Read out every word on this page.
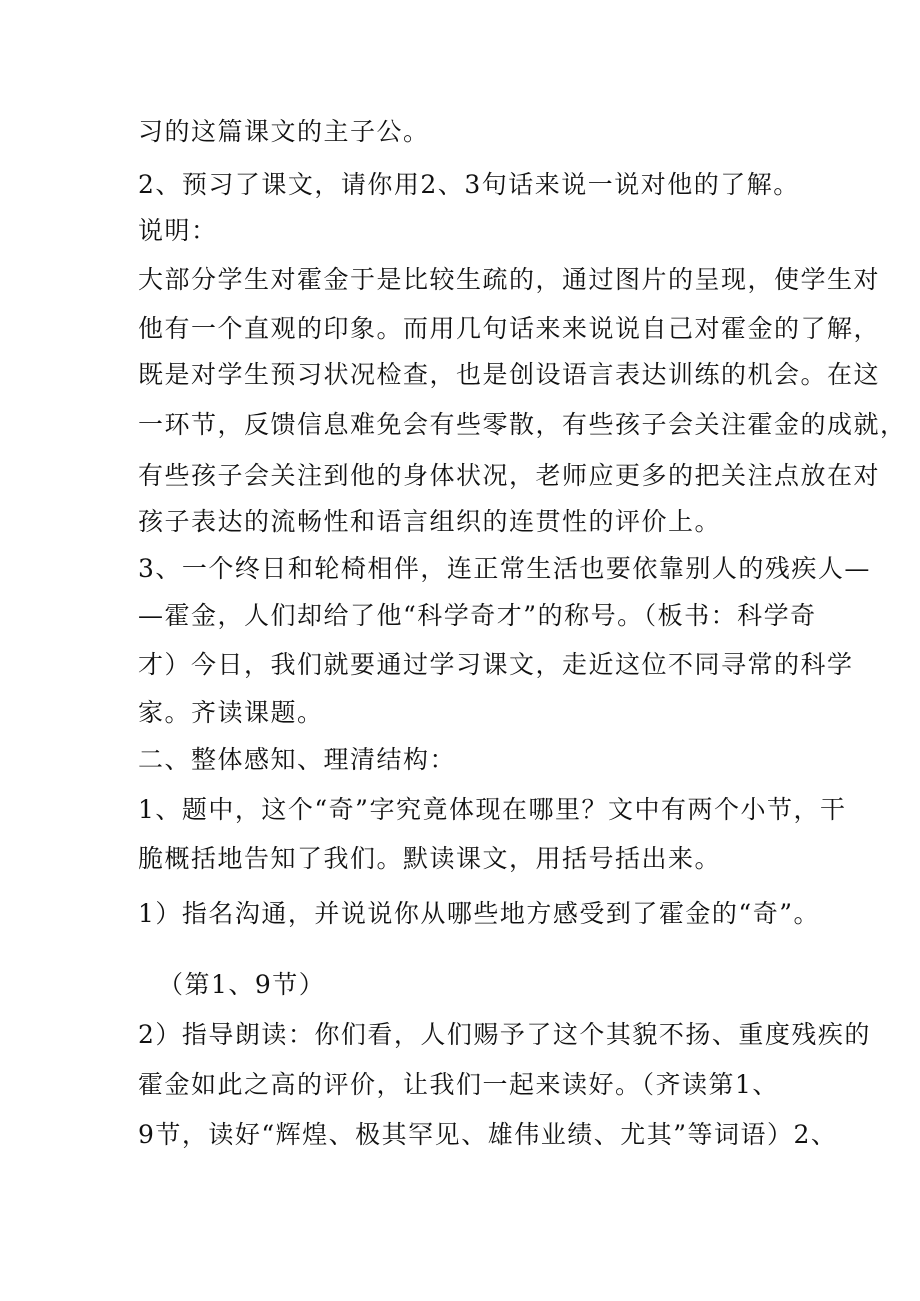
习的这篇课文的主子公。
2、预习了课文，请你用2、3句话来说一说对他的了解。
说明：
大部分学生对霍金于是比较生疏的，通过图片的呈现，使学生对
他有一个直观的印象。而用几句话来来说说自己对霍金的了解，
既是对学生预习状况检查，也是创设语言表达训练的机会。在这
一环节，反馈信息难免会有些零散，有些孩子会关注霍金的成就，
有些孩子会关注到他的身体状况，老师应更多的把关注点放在对
孩子表达的流畅性和语言组织的连贯性的评价上。
3、一个终日和轮椅相伴，连正常生活也要依靠别人的残疾人—
—霍金，人们却给了他“科学奇才”的称号。（板书：科学奇
才）今日，我们就要通过学习课文，走近这位不同寻常的科学
家。齐读课题。
二、整体感知、理清结构：
1、题中，这个“奇”字究竟体现在哪里？文中有两个小节，干
脆概括地告知了我们。默读课文，用括号括出来。
1）指名沟通，并说说你从哪些地方感受到了霍金的“奇”。
（第1、9节）
2）指导朗读：你们看，人们赐予了这个其貌不扬、重度残疾的
霍金如此之高的评价，让我们一起来读好。（齐读第1、
9节，读好“辉煌、极其罕见、雄伟业绩、尤其”等词语）2、
